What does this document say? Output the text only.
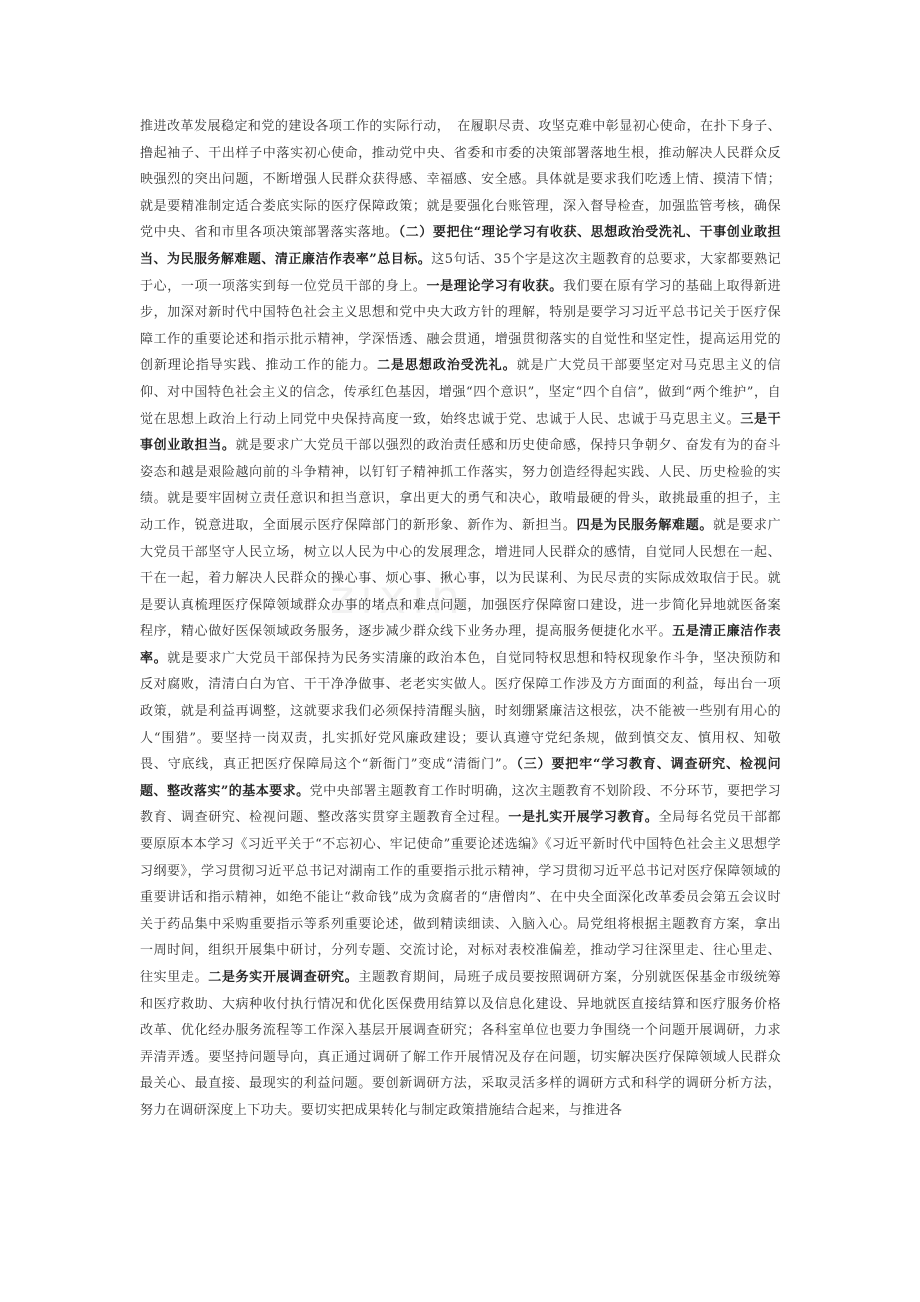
zixin

推进改革发展稳定和党的建设各项工作的实际行动，　在履职尽责、攻坚克难中彰显初心使命，在扑下身子、撸起袖子、干出样子中落实初心使命，推动党中央、省委和市委的决策部署落地生根，推动解决人民群众反映强烈的突出问题，不断增强人民群众获得感、幸福感、安全感。具体就是要求我们吃透上情、摸清下情；就是要精准制定适合娄底实际的医疗保障政策；就是要强化台账管理，深入督导检查，加强监管考核，确保党中央、省和市里各项决策部署落实落地。（二）要把住“理论学习有收获、思想政治受洗礼、干事创业敢担当、为民服务解难题、清正廉洁作表率”总目标。这5句话、35个字是这次主题教育的总要求，大家都要熟记于心，一项一项落实到每一位党员干部的身上。一是理论学习有收获。我们要在原有学习的基础上取得新进步，加深对新时代中国特色社会主义思想和党中央大政方针的理解，特别是要学习习近平总书记关于医疗保障工作的重要论述和指示批示精神，学深悟透、融会贯通，增强贯彻落实的自觉性和坚定性，提高运用党的创新理论指导实践、推动工作的能力。二是思想政治受洗礼。就是广大党员干部要坚定对马克思主义的信仰、对中国特色社会主义的信念，传承红色基因，增强“四个意识”，坚定“四个自信”，做到“两个维护”，自觉在思想上政治上行动上同党中央保持高度一致，始终忠诚于党、忠诚于人民、忠诚于马克思主义。三是干事创业敢担当。就是要求广大党员干部以强烈的政治责任感和历史使命感，保持只争朝夕、奋发有为的奋斗姿态和越是艰险越向前的斗争精神，以钉钉子精神抓工作落实，努力创造经得起实践、人民、历史检验的实绩。就是要牢固树立责任意识和担当意识，拿出更大的勇气和决心，敢啃最硬的骨头，敢挑最重的担子，主动工作，锐意进取，全面展示医疗保障部门的新形象、新作为、新担当。四是为民服务解难题。就是要求广大党员干部坚守人民立场，树立以人民为中心的发展理念，增进同人民群众的感情，自觉同人民想在一起、干在一起，着力解决人民群众的操心事、烦心事、揪心事，以为民谋利、为民尽责的实际成效取信于民。就是要认真梳理医疗保障领域群众办事的堵点和难点问题，加强医疗保障窗口建设，进一步简化异地就医备案程序，精心做好医保领域政务服务，逐步减少群众线下业务办理，提高服务便捷化水平。五是清正廉洁作表率。就是要求广大党员干部保持为民务实清廉的政治本色，自觉同特权思想和特权现象作斗争，坚决预防和反对腐败，清清白白为官、干干净净做事、老老实实做人。医疗保障工作涉及方方面面的利益，每出台一项政策，就是利益再调整，这就要求我们必须保持清醒头脑，时刻绷紧廉洁这根弦，决不能被一些别有用心的人“围猎”。要坚持一岗双责，扎实抓好党风廉政建设；要认真遵守党纪条规，做到慎交友、慎用权、知敬畏、守底线，真正把医疗保障局这个“新衙门”变成“清衙门”。（三）要把牢“学习教育、调查研究、检视问题、整改落实”的基本要求。党中央部署主题教育工作时明确，这次主题教育不划阶段、不分环节，要把学习教育、调查研究、检视问题、整改落实贯穿主题教育全过程。一是扎实开展学习教育。全局每名党员干部都要原原本本学习《习近平关于“不忘初心、牢记使命”重要论述选编》《习近平新时代中国特色社会主义思想学习纲要》，学习贯彻习近平总书记对湖南工作的重要指示批示精神，学习贯彻习近平总书记对医疗保障领域的重要讲话和指示精神，如绝不能让“救命钱”成为贪腐者的“唐僧肉”、在中央全面深化改革委员会第五会议时关于药品集中采购重要指示等系列重要论述，做到精读细读、入脑入心。局党组将根据主题教育方案，拿出一周时间，组织开展集中研讨，分列专题、交流讨论，对标对表校准偏差，推动学习往深里走、往心里走、往实里走。二是务实开展调查研究。主题教育期间，局班子成员要按照调研方案，分别就医保基金市级统筹和医疗救助、大病种收付执行情况和优化医保费用结算以及信息化建设、异地就医直接结算和医疗服务价格改革、优化经办服务流程等工作深入基层开展调查研究；各科室单位也要力争围绕一个问题开展调研，力求弄清弄透。要坚持问题导向，真正通过调研了解工作开展情况及存在问题，切实解决医疗保障领域人民群众最关心、最直接、最现实的利益问题。要创新调研方法，采取灵活多样的调研方式和科学的调研分析方法，努力在调研深度上下功夫。要切实把成果转化与制定政策措施结合起来，与推进各
